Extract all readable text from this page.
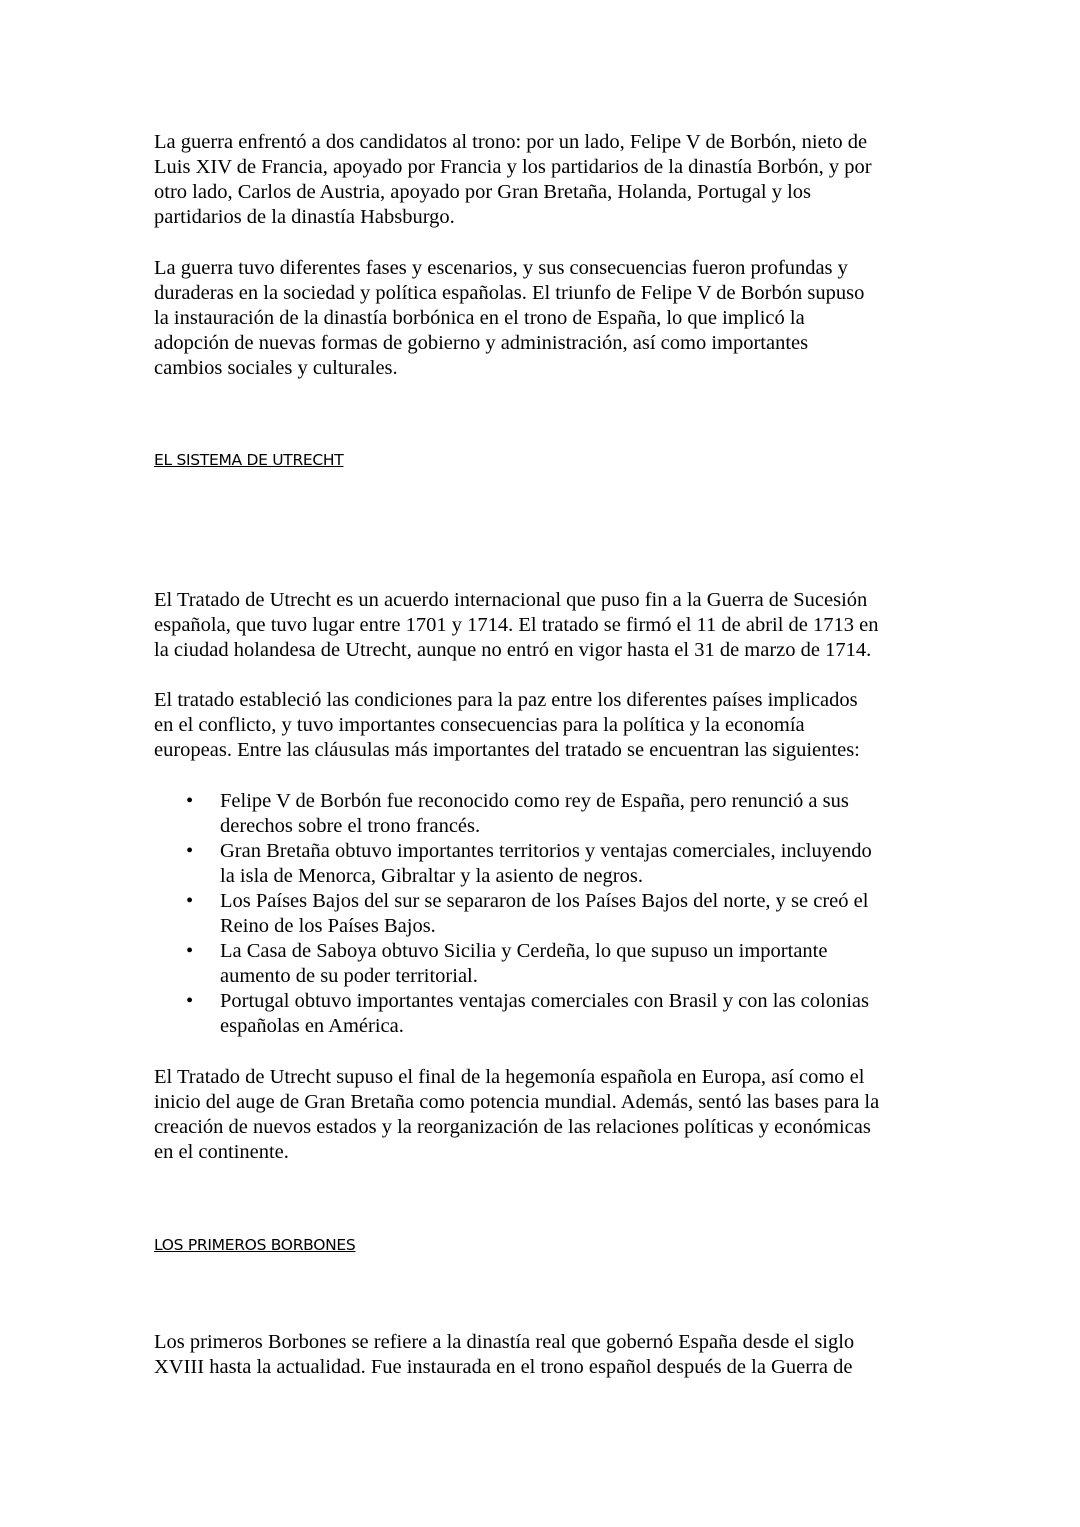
La guerra enfrentó a dos candidatos al trono: por un lado, Felipe V de Borbón, nieto de
Luis XIV de Francia, apoyado por Francia y los partidarios de la dinastía Borbón, y por
otro lado, Carlos de Austria, apoyado por Gran Bretaña, Holanda, Portugal y los
partidarios de la dinastía Habsburgo.
La guerra tuvo diferentes fases y escenarios, y sus consecuencias fueron profundas y
duraderas en la sociedad y política españolas. El triunfo de Felipe V de Borbón supuso
la instauración de la dinastía borbónica en el trono de España, lo que implicó la
adopción de nuevas formas de gobierno y administración, así como importantes
cambios sociales y culturales.
EL SISTEMA DE UTRECHT
El Tratado de Utrecht es un acuerdo internacional que puso fin a la Guerra de Sucesión
española, que tuvo lugar entre 1701 y 1714. El tratado se firmó el 11 de abril de 1713 en
la ciudad holandesa de Utrecht, aunque no entró en vigor hasta el 31 de marzo de 1714.
El tratado estableció las condiciones para la paz entre los diferentes países implicados
en el conflicto, y tuvo importantes consecuencias para la política y la economía
europeas. Entre las cláusulas más importantes del tratado se encuentran las siguientes:
• Felipe V de Borbón fue reconocido como rey de España, pero renunció a sus
derechos sobre el trono francés.
• Gran Bretaña obtuvo importantes territorios y ventajas comerciales, incluyendo
la isla de Menorca, Gibraltar y la asiento de negros.
• Los Países Bajos del sur se separaron de los Países Bajos del norte, y se creó el
Reino de los Países Bajos.
• La Casa de Saboya obtuvo Sicilia y Cerdeña, lo que supuso un importante
aumento de su poder territorial.
• Portugal obtuvo importantes ventajas comerciales con Brasil y con las colonias
españolas en América.
El Tratado de Utrecht supuso el final de la hegemonía española en Europa, así como el
inicio del auge de Gran Bretaña como potencia mundial. Además, sentó las bases para la
creación de nuevos estados y la reorganización de las relaciones políticas y económicas
en el continente.
LOS PRIMEROS BORBONES
Los primeros Borbones se refiere a la dinastía real que gobernó España desde el siglo
XVIII hasta la actualidad. Fue instaurada en el trono español después de la Guerra de
